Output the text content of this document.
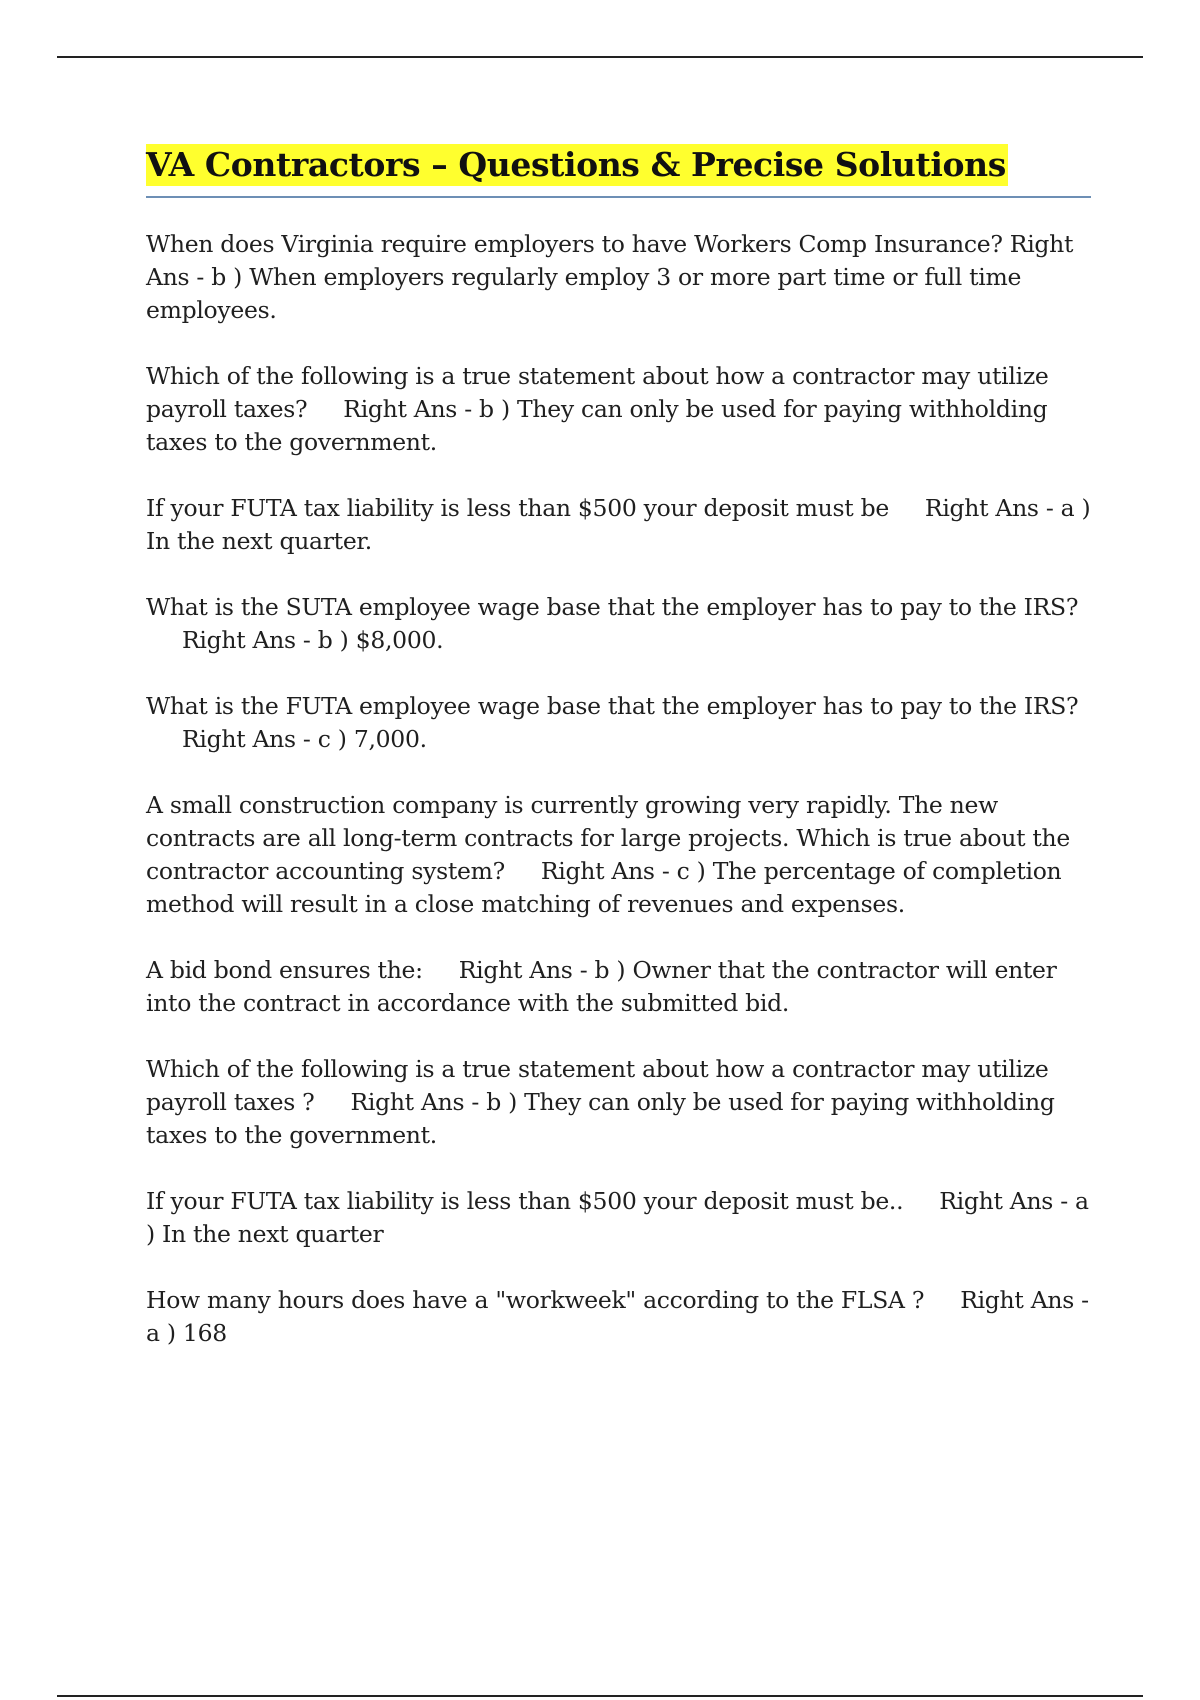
VA Contractors – Questions & Precise Solutions

When does Virginia require employers to have Workers Comp Insurance? Right Ans - b ) When employers regularly employ 3 or more part time or full time employees.

Which of the following is a true statement about how a contractor may utilize payroll taxes? Right Ans - b ) They can only be used for paying withholding taxes to the government.

If your FUTA tax liability is less than $500 your deposit must be Right Ans - a ) In the next quarter.

What is the SUTA employee wage base that the employer has to pay to the IRS?Right Ans - b ) $8,000.

What is the FUTA employee wage base that the employer has to pay to the IRS?Right Ans - c ) 7,000.

A small construction company is currently growing very rapidly. The new contracts are all long-term contracts for large projects. Which is true about the contractor accounting system? Right Ans - c ) The percentage of completion method will result in a close matching of revenues and expenses.

A bid bond ensures the: Right Ans - b ) Owner that the contractor will enter into the contract in accordance with the submitted bid.

Which of the following is a true statement about how a contractor may utilize payroll taxes ? Right Ans - b ) They can only be used for paying withholding taxes to the government.

If your FUTA tax liability is less than $500 your deposit must be.. Right Ans - a ) In the next quarter

How many hours does have a "workweek" according to the FLSA ? Right Ans - a ) 168
